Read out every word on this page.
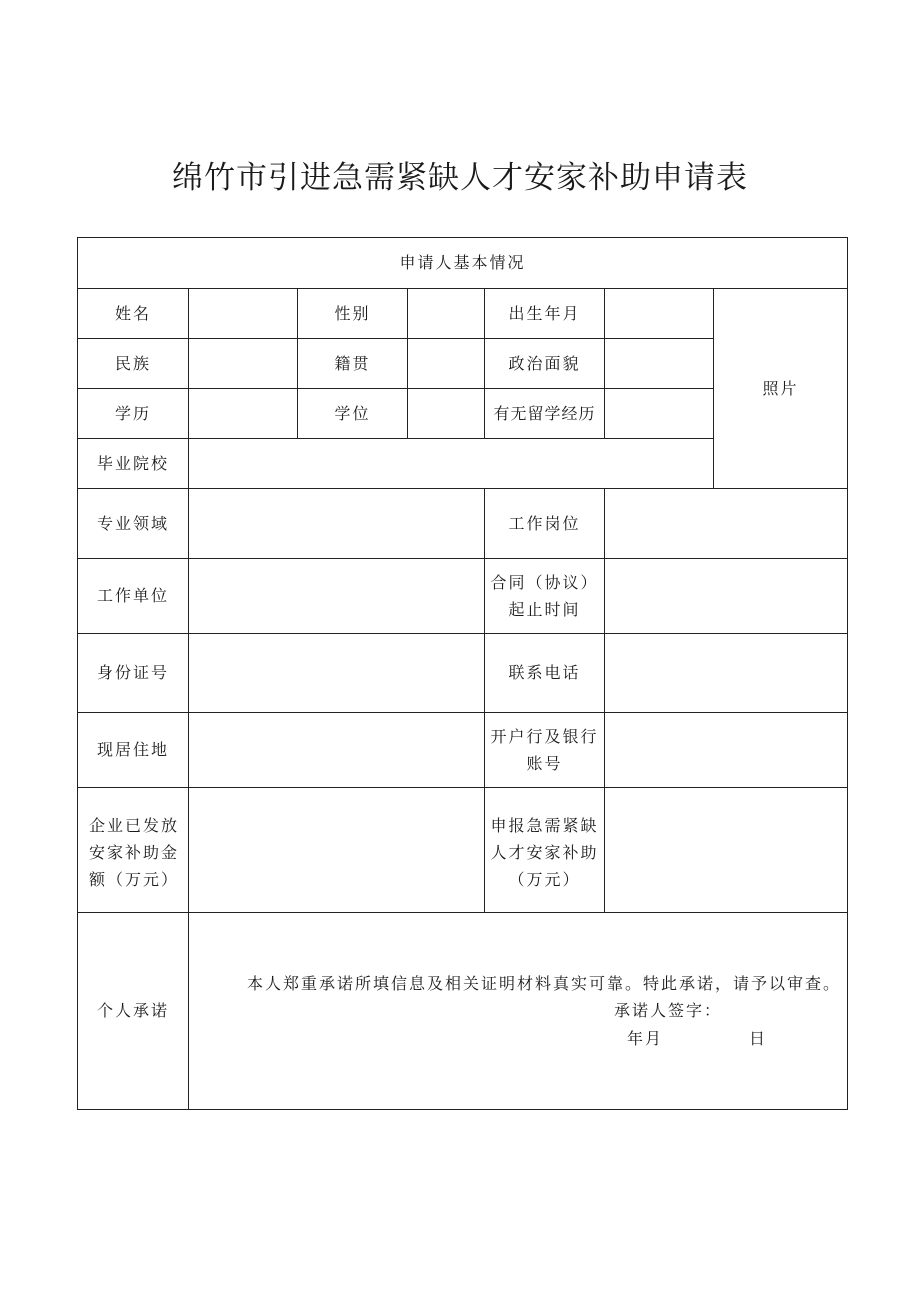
绵竹市引进急需紧缺人才安家补助申请表
申请人基本情况						
姓名		性别		出生年月		照片
民族		籍贯		政治面貌		
学历		学位		有无留学经历		
毕业院校						
专业领域				工作岗位		
工作单位				合同（协议）起止时间		
身份证号				联系电话		
现居住地				开户行及银行账号		
企业已发放安家补助金额（万元）				申报急需紧缺人才安家补助（万元）		
个人承诺	本人郑重承诺所填信息及相关证明材料真实可靠。特此承诺，请予以审查。
承诺人签字：
年月 日					
